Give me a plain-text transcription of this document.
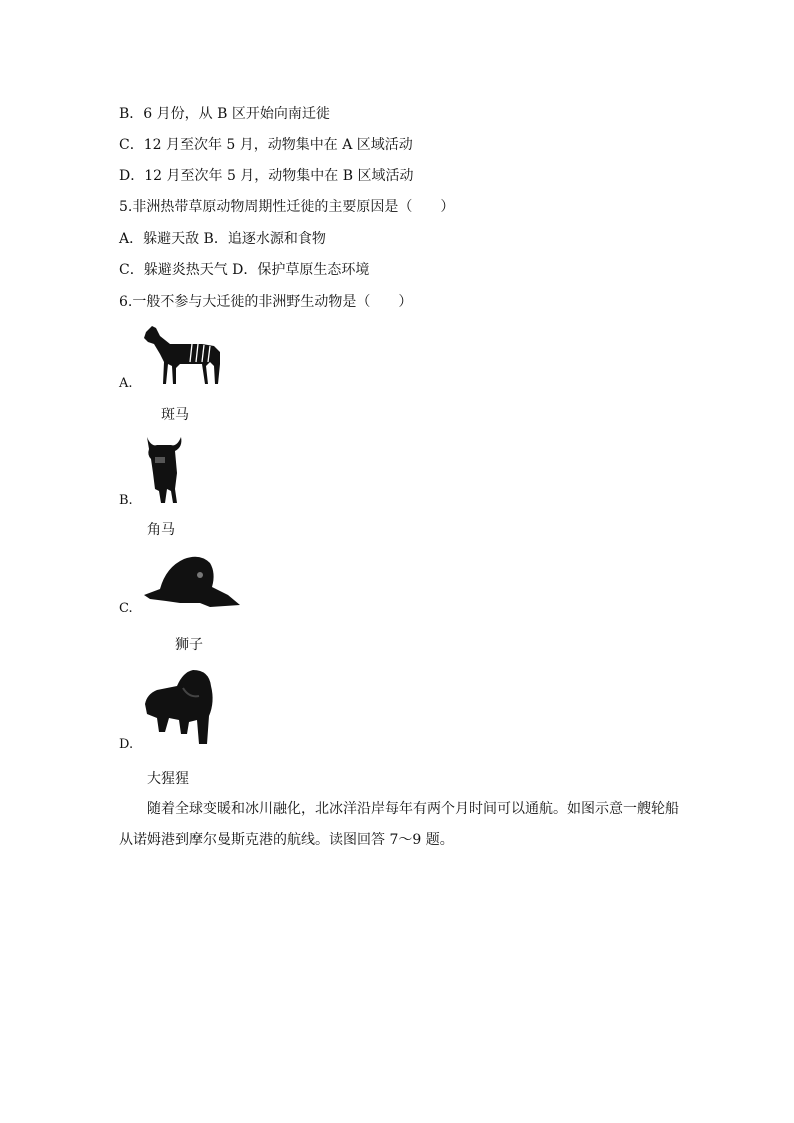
B．6 月份，从 B 区开始向南迁徙
C．12 月至次年 5 月，动物集中在 A 区域活动
D．12 月至次年 5 月，动物集中在 B 区域活动
5.非洲热带草原动物周期性迁徙的主要原因是（　　）
A．躲避天敌 B．追逐水源和食物
C．躲避炎热天气 D．保护草原生态环境
6.一般不参与大迁徙的非洲野生动物是（　　）
A.
斑马
B.
角马
C.
狮子
D.
大猩猩
随着全球变暖和冰川融化，北冰洋沿岸每年有两个月时间可以通航。如图示意一艘轮船从诺姆港到摩尔曼斯克港的航线。读图回答 7～9 题。
